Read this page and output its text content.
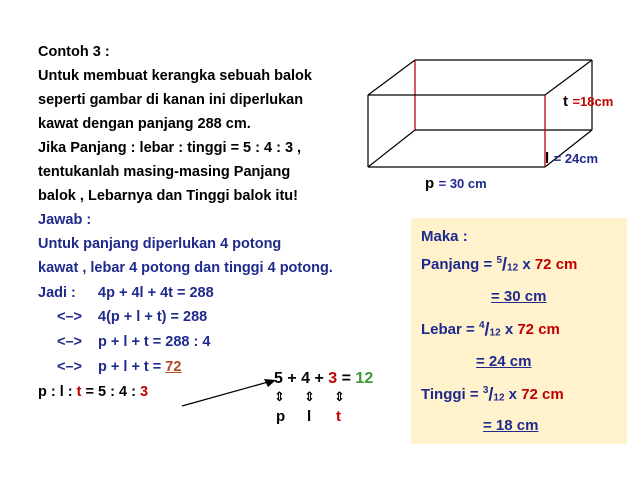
Contoh 3 :
Untuk membuat kerangka sebuah balok
seperti gambar di kanan ini diperlukan
kawat dengan panjang 288 cm.
Jika Panjang : lebar : tinggi = 5 : 4 : 3 ,
tentukanlah masing-masing Panjang
balok , Lebarnya dan Tinggi balok itu!
Jawab :
Untuk panjang diperlukan 4 potong
kawat , lebar 4 potong dan tinggi 4 potong.
Jadi : 4p + 4l + 4t = 288
<–> 4(p + l + t) = 288
<–> p + l + t = 288 : 4
<–> p + l + t = 72
p : l : t = 5 : 4 : 3
5 + 4 + 3 = 12
⇕ ⇕ ⇕
p l t
t =18cm
l = 24cm
p = 30 cm
Maka :
Panjang = 5/12 x 72 cm
= 30 cm
Lebar = 4/12 x 72 cm
= 24 cm
Tinggi = 3/12 x 72 cm
= 18 cm
